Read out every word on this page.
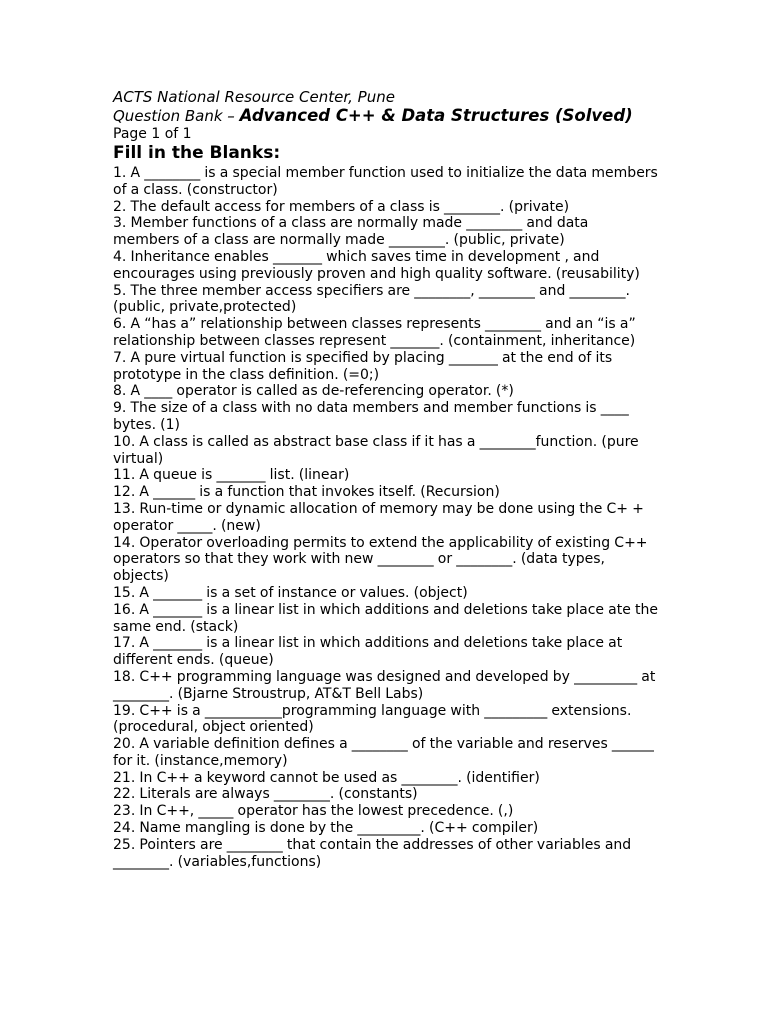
ACTS National Resource Center, Pune
Question Bank – Advanced C++ & Data Structures (Solved)
Page 1 of 1
Fill in the Blanks:

1. A ________ is a special member function used to initialize the data members of a class. (constructor)

2. The default access for members of a class is ________. (private)

3. Member functions of a class are normally made ________ and data members of a class are normally made ________. (public, private)

4. Inheritance enables _______ which saves time in development , and encourages using previously proven and high quality software. (reusability)

5. The three member access specifiers are ________, ________ and ________. (public, private,protected)

6. A “has a” relationship between classes represents ________ and an “is a” relationship between classes represent _______. (containment, inheritance)

7. A pure virtual function is specified by placing _______ at the end of its prototype in the class definition. (=0;)

8. A ____ operator is called as de-referencing operator. (*)

9. The size of a class with no data members and member functions is ____ bytes. (1)

10. A class is called as abstract base class if it has a ________function. (pure virtual)

11. A queue is _______ list. (linear)

12. A ______ is a function that invokes itself. (Recursion)

13. Run-time or dynamic allocation of memory may be done using the C+ + operator _____. (new)

14. Operator overloading permits to extend the applicability of existing C++ operators so that they work with new ________ or ________. (data types, objects)

15. A _______ is a set of instance or values. (object)

16. A _______ is a linear list in which additions and deletions take place ate the same end. (stack)

17. A _______ is a linear list in which additions and deletions take place at different ends. (queue)

18. C++ programming language was designed and developed by _________ at ________. (Bjarne Stroustrup, AT&T Bell Labs)

19. C++ is a ___________programming language with _________ extensions. (procedural, object oriented)

20. A variable definition defines a ________ of the variable and reserves ______ for it. (instance,memory)

21. In C++ a keyword cannot be used as ________. (identifier)

22. Literals are always ________. (constants)

23. In C++, _____ operator has the lowest precedence. (,)

24. Name mangling is done by the _________. (C++ compiler)

25. Pointers are ________ that contain the addresses of other variables and ________. (variables,functions)
